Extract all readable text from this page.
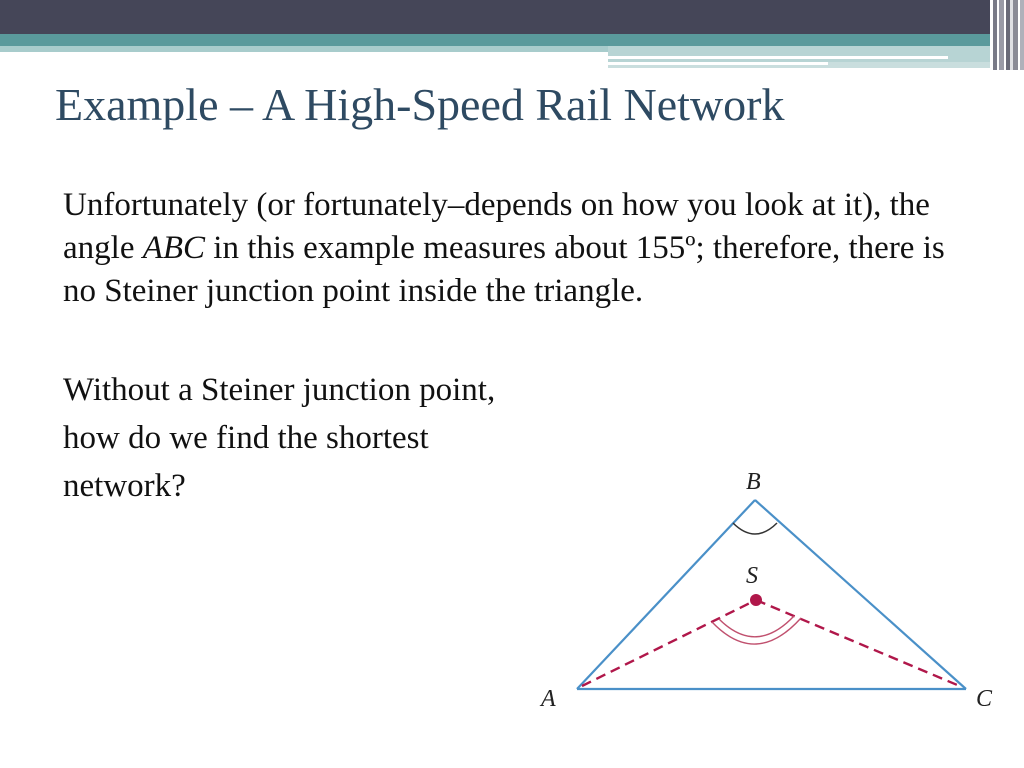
Example – A High-Speed Rail Network

Unfortunately (or fortunately–depends on how you look at it), the angle ABC in this example measures about 155º; therefore, there is no Steiner junction point inside the triangle.

Without a Steiner junction point, how do we find the shortest network?	B
S
A	C
